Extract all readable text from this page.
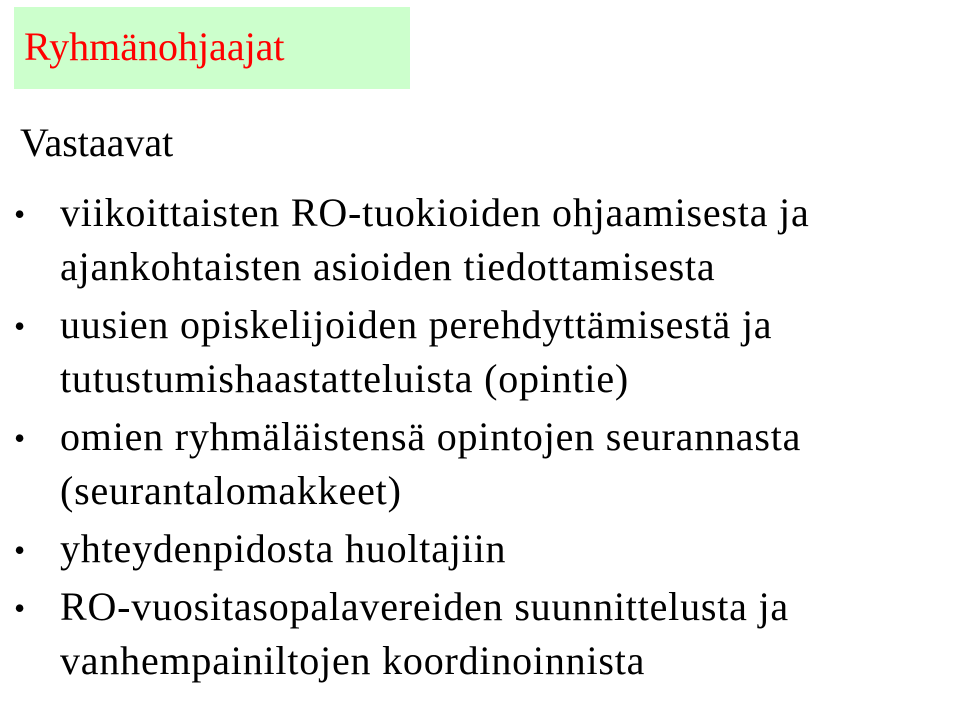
Ryhmänohjaajat
Vastaavat
• viikoittaisten RO-tuokioiden ohjaamisesta ja
ajankohtaisten asioiden tiedottamisesta
• uusien opiskelijoiden perehdyttämisestä ja
tutustumishaastatteluista (opintie)
• omien ryhmäläistensä opintojen seurannasta
(seurantalomakkeet)
• yhteydenpidosta huoltajiin
• RO-vuositasopalavereiden suunnittelusta ja
vanhempainiltojen koordinoinnista
